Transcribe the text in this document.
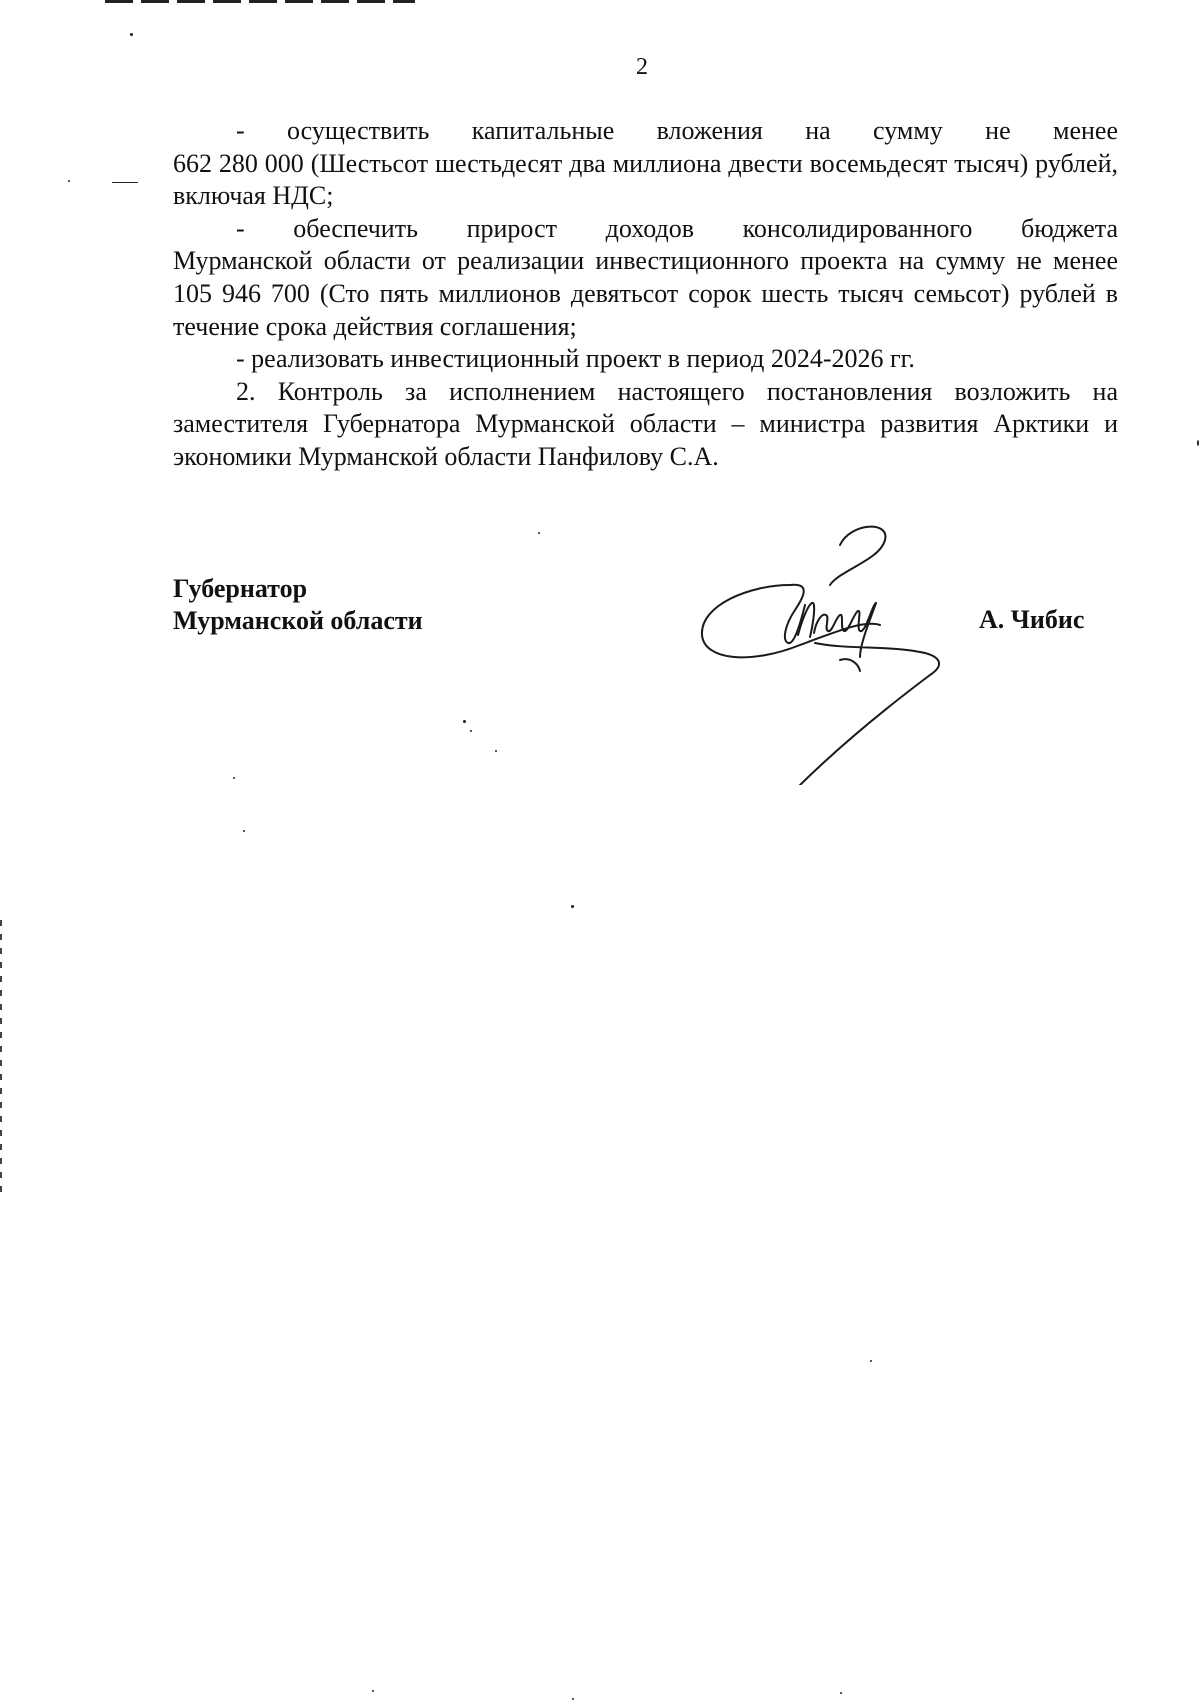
2

- осуществить капитальные вложения на сумму не менее

662 280 000 (Шестьсот шестьдесят два миллиона двести восемьдесят тысяч) рублей, включая НДС;

- обеспечить прирост доходов консолидированного бюджета

Мурманской области от реализации инвестиционного проекта на сумму не менее 105 946 700 (Сто пять миллионов девятьсот сорок шесть тысяч семьсот) рублей в течение срока действия соглашения;

- реализовать инвестиционный проект в период 2024-2026 гг.

2. Контроль за исполнением настоящего постановления возложить на заместителя Губернатора Мурманской области – министра развития Арктики и экономики Мурманской области Панфилову С.А.

Губернатор
Мурманской области	А. Чибис
